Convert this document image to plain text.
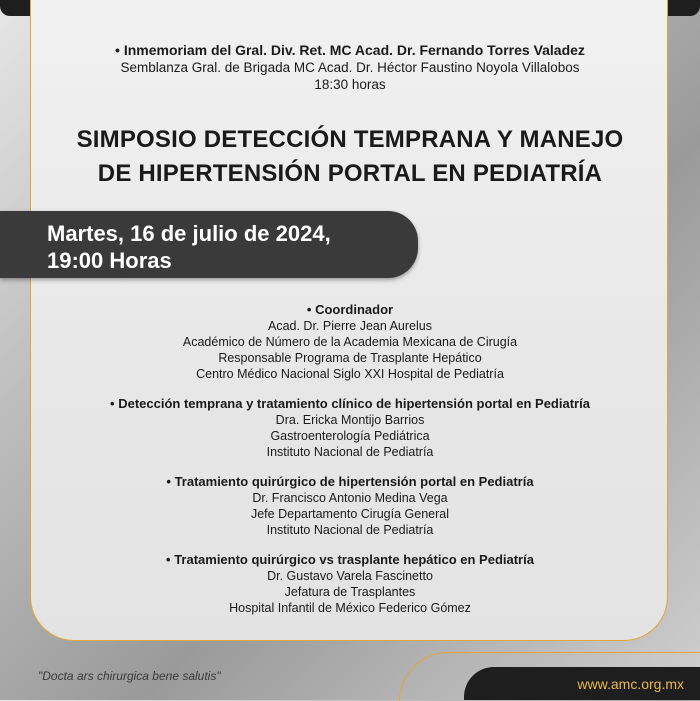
• Inmemoriam del Gral. Div. Ret. MC Acad. Dr. Fernando Torres Valadez
Semblanza Gral. de Brigada MC Acad. Dr. Héctor Faustino Noyola Villalobos
18:30 horas
SIMPOSIO DETECCIÓN TEMPRANA Y MANEJO
DE HIPERTENSIÓN PORTAL EN PEDIATRÍA
Martes, 16 de julio de 2024,
19:00 Horas
• Coordinador
Acad. Dr. Pierre Jean Aurelus
Académico de Número de la Academia Mexicana de Cirugía
Responsable Programa de Trasplante Hepático
Centro Médico Nacional Siglo XXI Hospital de Pediatría
• Detección temprana y tratamiento clínico de hipertensión portal en Pediatría
Dra. Ericka Montijo Barrios
Gastroenterología Pediátrica
Instituto Nacional de Pediatría
• Tratamiento quirúrgico de hipertensión portal en Pediatría
Dr. Francisco Antonio Medina Vega
Jefe Departamento Cirugía General
Instituto Nacional de Pediatría
• Tratamiento quirúrgico vs trasplante hepático en Pediatría
Dr. Gustavo Varela Fascinetto
Jefatura de Trasplantes
Hospital Infantil de México Federico Gómez
"Docta ars chirurgica bene salutis"	www.amc.org.mx
